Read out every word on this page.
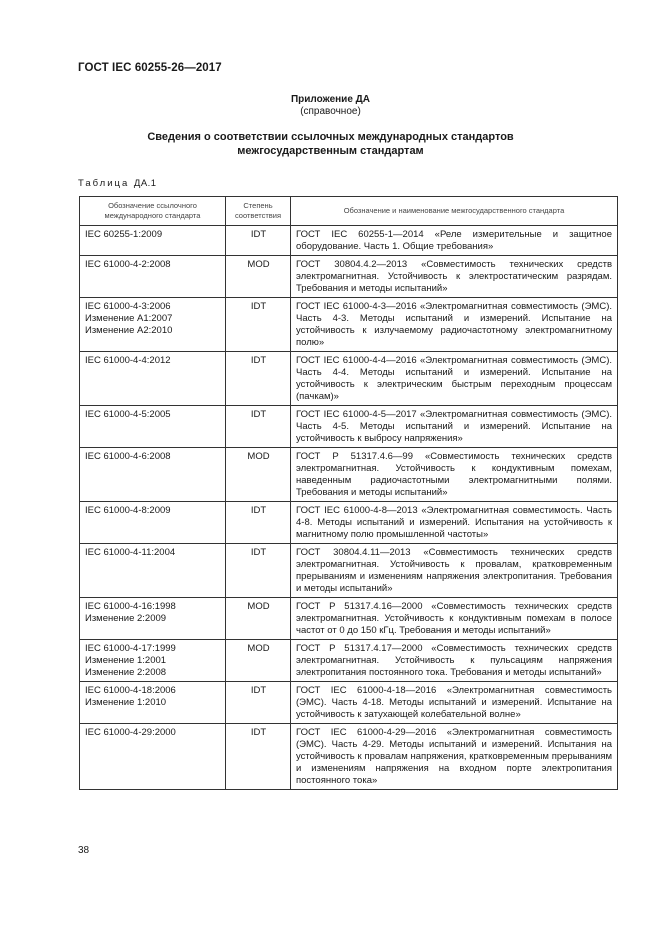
ГОСТ IEC 60255-26—2017
Приложение ДА
(справочное)
Сведения о соответствии ссылочных международных стандартов
межгосударственным стандартам
Таблица ДА.1
Обозначение ссылочного международного стандарта	Степень соответствия	Обозначение и наименование межгосударственного стандарта

IEC 60255-1:2009	IDT	ГОСТ IEC 60255-1—2014 «Реле измерительные и защитное оборудование. Часть 1. Общие требования»

IEC 61000-4-2:2008	MOD	ГОСТ 30804.4.2—2013 «Совместимость технических средств электромагнитная. Устойчивость к электростатическим разрядам. Требования и методы испытаний»

IEC 61000-4-3:2006
Изменение A1:2007
Изменение A2:2010	IDT	ГОСТ IEC 61000-4-3—2016 «Электромагнитная совместимость (ЭМС). Часть 4-3. Методы испытаний и измерений. Испытание на устойчивость к излучаемому радиочастотному электромагнитному полю»

IEC 61000-4-4:2012	IDT	ГОСТ IEC 61000-4-4—2016 «Электромагнитная совместимость (ЭМС). Часть 4-4. Методы испытаний и измерений. Испытание на устойчивость к электрическим быстрым переходным процессам (пачкам)»

IEC 61000-4-5:2005	IDT	ГОСТ IEC 61000-4-5—2017 «Электромагнитная совместимость (ЭМС). Часть 4-5. Методы испытаний и измерений. Испытание на устойчивость к выбросу напряжения»

IEC 61000-4-6:2008	MOD	ГОСТ Р 51317.4.6—99 «Совместимость технических средств электромагнитная. Устойчивость к кондуктивным помехам, наведенным радиочастотными электромагнитными полями. Требования и методы испытаний»

IEC 61000-4-8:2009	IDT	ГОСТ IEC 61000-4-8—2013 «Электромагнитная совместимость. Часть 4-8. Методы испытаний и измерений. Испытания на устойчивость к магнитному полю промышленной частоты»

IEC 61000-4-11:2004	IDT	ГОСТ 30804.4.11—2013 «Совместимость технических средств электромагнитная. Устойчивость к провалам, кратковременным прерываниям и изменениям напряжения электропитания. Требования и методы испытаний»

IEC 61000-4-16:1998
Изменение 2:2009	MOD	ГОСТ Р 51317.4.16—2000 «Совместимость технических средств электромагнитная. Устойчивость к кондуктивным помехам в полосе частот от 0 до 150 кГц. Требования и методы испытаний»

IEC 61000-4-17:1999
Изменение 1:2001
Изменение 2:2008	MOD	ГОСТ Р 51317.4.17—2000 «Совместимость технических средств электромагнитная. Устойчивость к пульсациям напряжения электропитания постоянного тока. Требования и методы испытаний»

IEC 61000-4-18:2006
Изменение 1:2010	IDT	ГОСТ IEC 61000-4-18—2016 «Электромагнитная совместимость (ЭМС). Часть 4-18. Методы испытаний и измерений. Испытание на устойчивость к затухающей колебательной волне»

IEC 61000-4-29:2000	IDT	ГОСТ IEC 61000-4-29—2016 «Электромагнитная совместимость (ЭМС). Часть 4-29. Методы испытаний и измерений. Испытания на устойчивость к провалам напряжения, кратковременным прерываниям и изменениям напряжения на входном порте электропитания постоянного тока»
38
